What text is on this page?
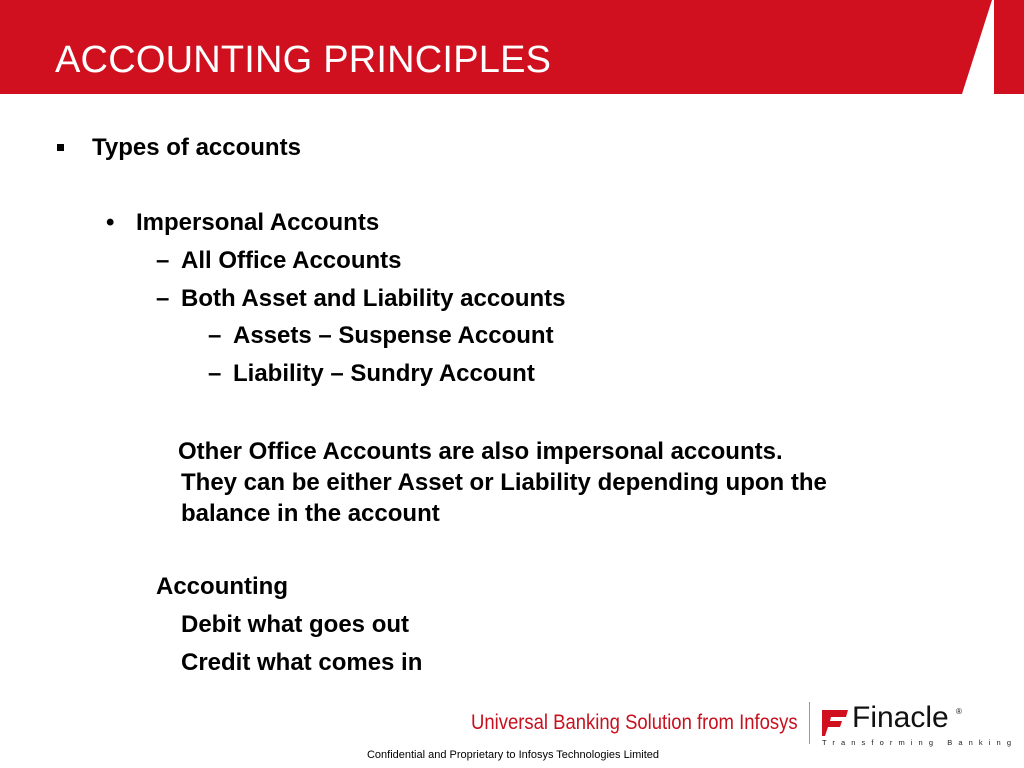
ACCOUNTING PRINCIPLES
Types of accounts
• Impersonal Accounts
– All Office Accounts
– Both Asset and Liability accounts
– Assets – Suspense Account
– Liability – Sundry Account
Other Office Accounts are also impersonal accounts.
They can be either Asset or Liability depending upon the
balance in the account
Accounting
Debit what goes out
Credit what comes in
Universal Banking Solution from Infosys Finacle ®
Transforming Banking
Confidential and Proprietary to Infosys Technologies Limited
